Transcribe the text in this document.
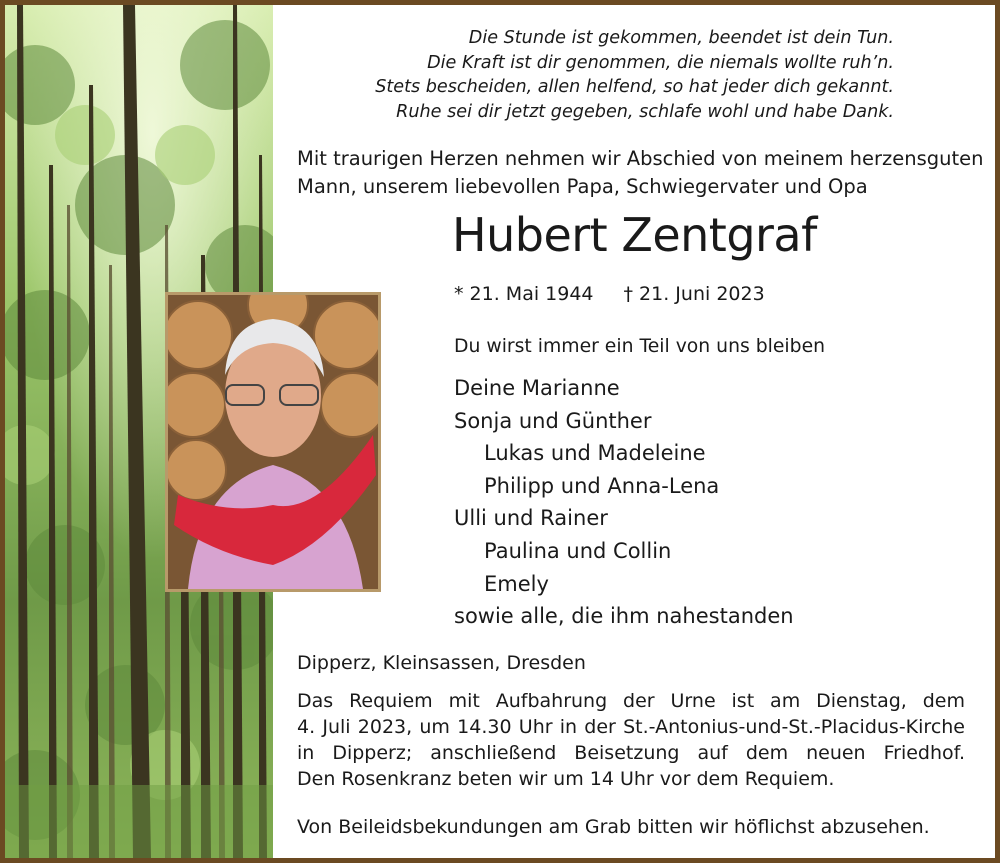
Die Stunde ist gekommen, beendet ist dein Tun.
Die Kraft ist dir genommen, die niemals wollte ruh’n.
Stets bescheiden, allen helfend, so hat jeder dich gekannt.
Ruhe sei dir jetzt gegeben, schlafe wohl und habe Dank.
Mit traurigen Herzen nehmen wir Abschied von meinem herzensguten
Mann, unserem liebevollen Papa, Schwiegervater und Opa
Hubert Zentgraf
* 21. Mai 1944 † 21. Juni 2023
Du wirst immer ein Teil von uns bleiben
Deine Marianne
Sonja und Günther
Lukas und Madeleine
Philipp und Anna-Lena
Ulli und Rainer
Paulina und Collin
Emely
sowie alle, die ihm nahestanden
Dipperz, Kleinsassen, Dresden
Das Requiem mit Aufbahrung der Urne ist am Dienstag, dem
4. Juli 2023, um 14.30 Uhr in der St.-Antonius-und-St.-Placidus-Kirche
in Dipperz; anschließend Beisetzung auf dem neuen Friedhof.
Den Rosenkranz beten wir um 14 Uhr vor dem Requiem.
Von Beileidsbekundungen am Grab bitten wir höflichst abzusehen.
